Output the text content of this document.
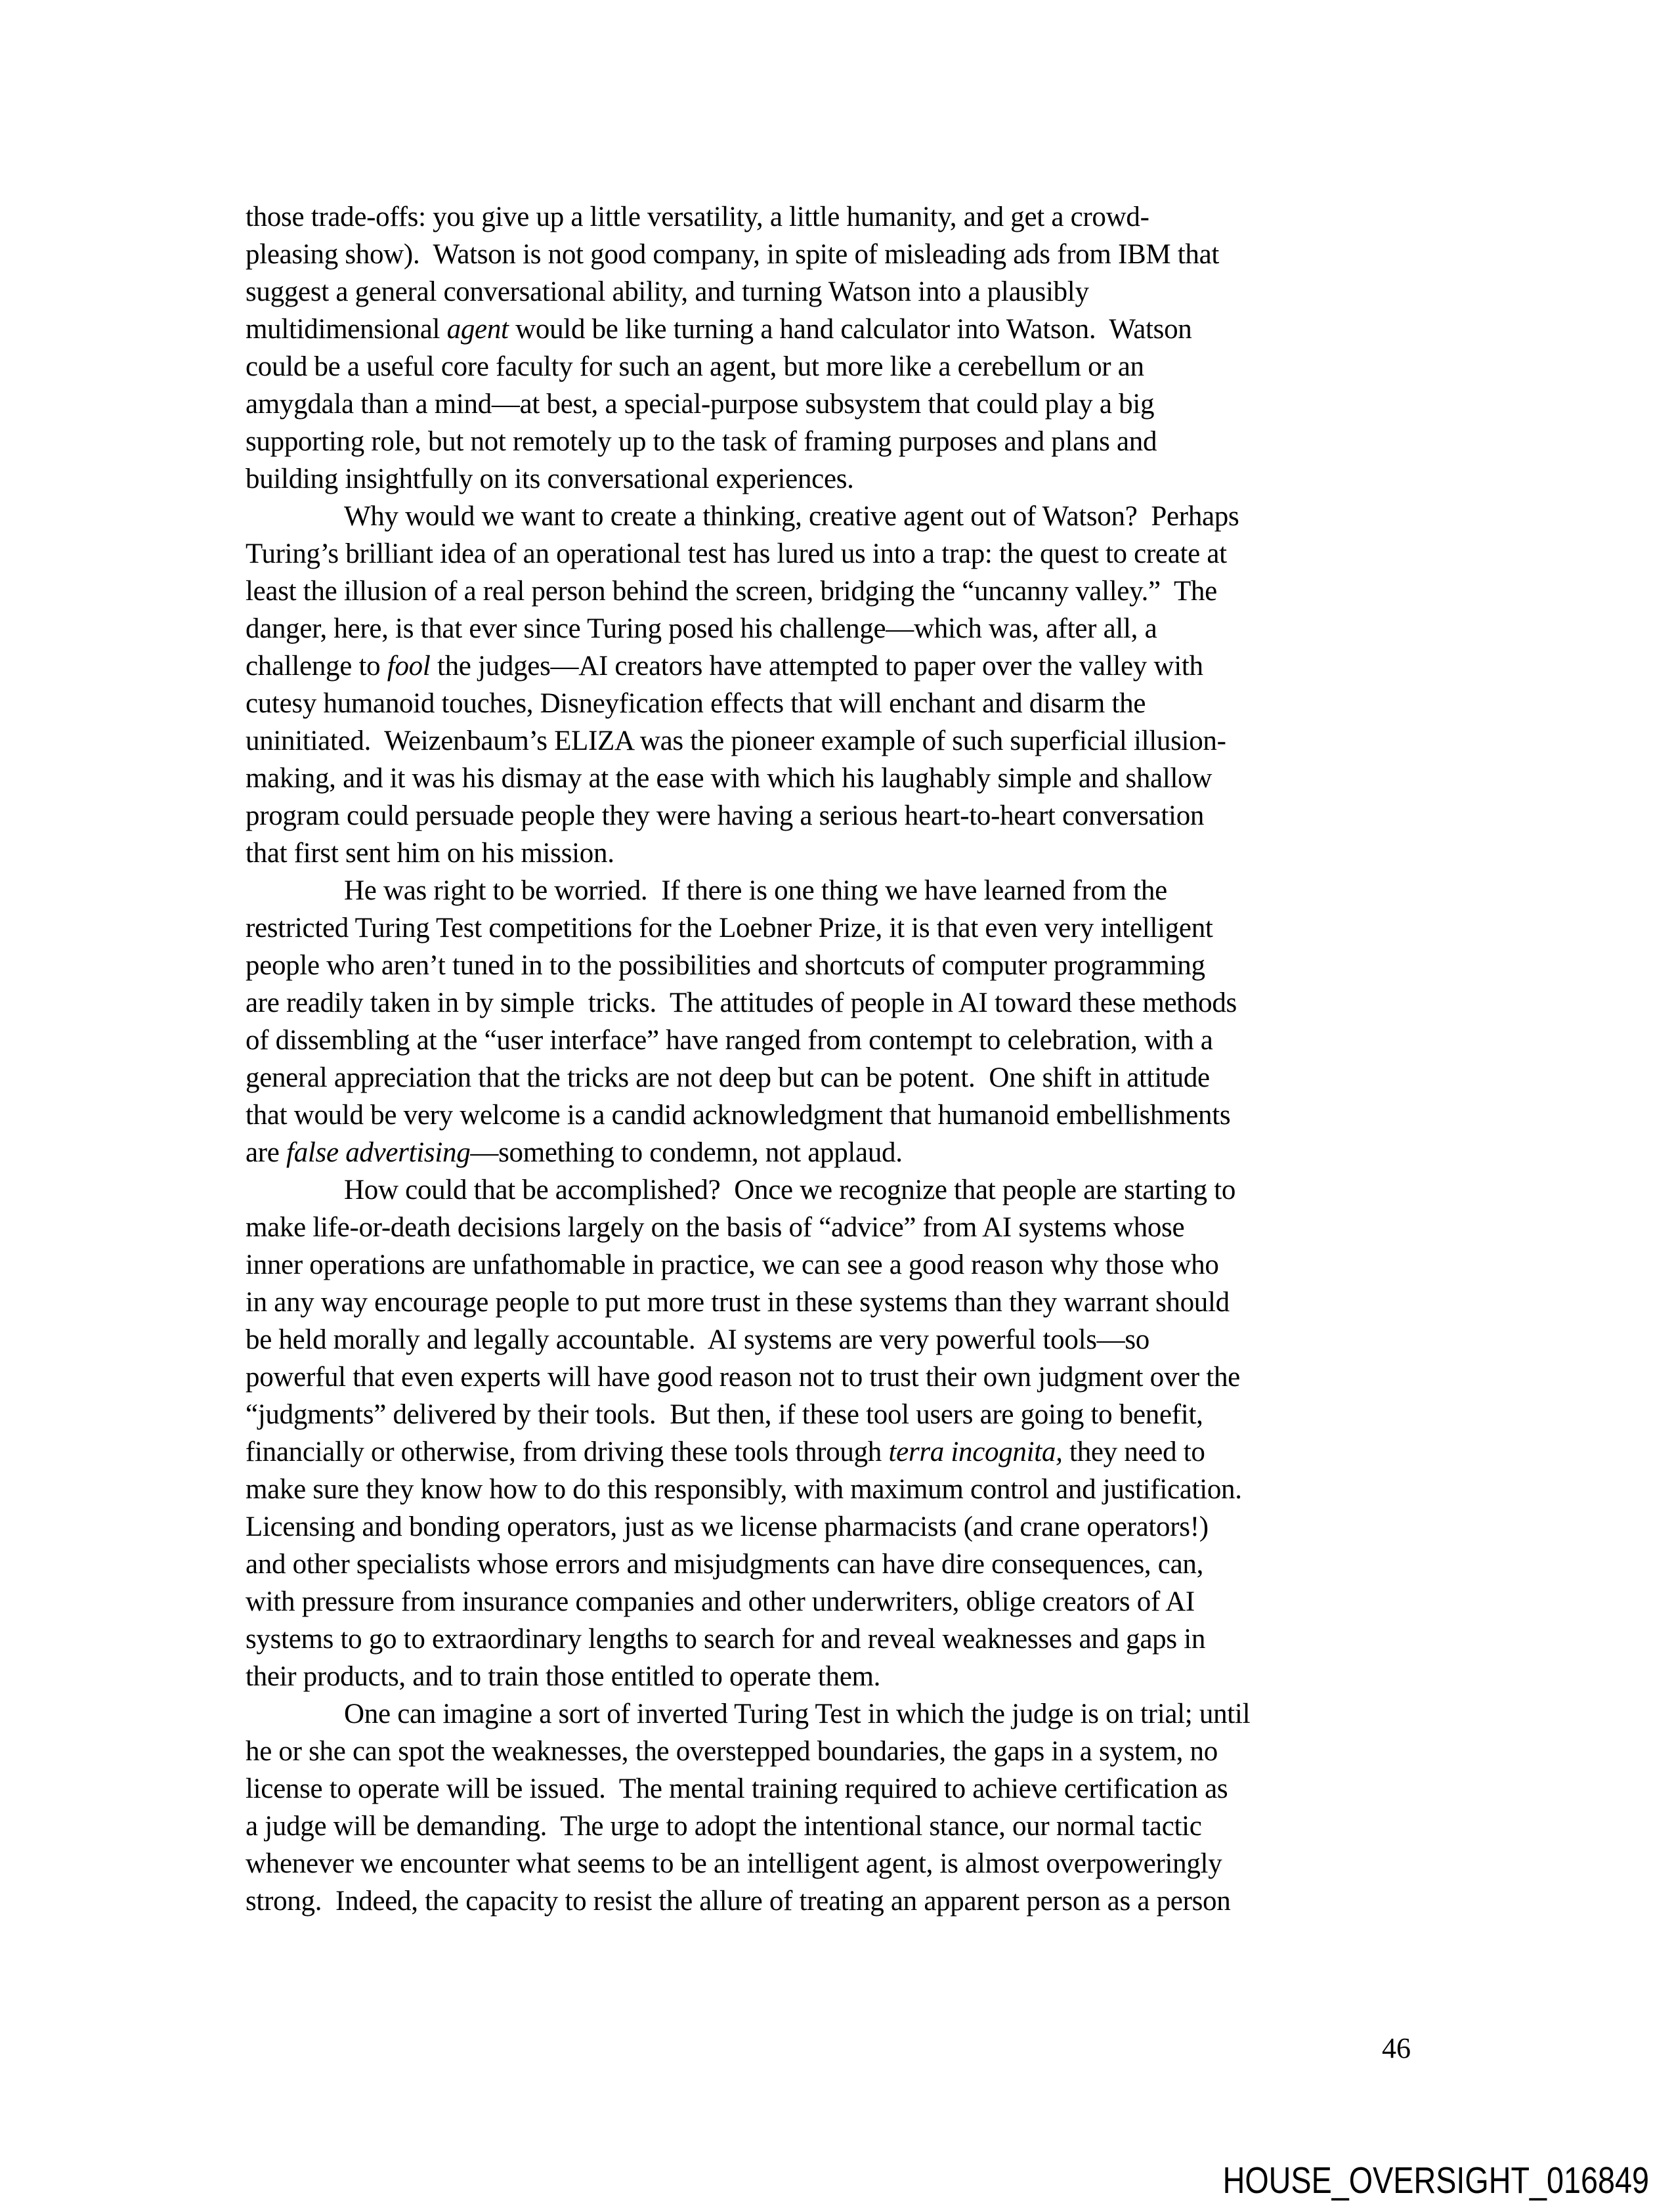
those trade-offs: you give up a little versatility, a little humanity, and get a crowd-
pleasing show).  Watson is not good company, in spite of misleading ads from IBM that
suggest a general conversational ability, and turning Watson into a plausibly
multidimensional agent would be like turning a hand calculator into Watson.  Watson
could be a useful core faculty for such an agent, but more like a cerebellum or an
amygdala than a mind—at best, a special-purpose subsystem that could play a big
supporting role, but not remotely up to the task of framing purposes and plans and
building insightfully on its conversational experiences.
Why would we want to create a thinking, creative agent out of Watson?  Perhaps
Turing’s brilliant idea of an operational test has lured us into a trap: the quest to create at
least the illusion of a real person behind the screen, bridging the “uncanny valley.”  The
danger, here, is that ever since Turing posed his challenge—which was, after all, a
challenge to fool the judges—AI creators have attempted to paper over the valley with
cutesy humanoid touches, Disneyfication effects that will enchant and disarm the
uninitiated.  Weizenbaum’s ELIZA was the pioneer example of such superficial illusion-
making, and it was his dismay at the ease with which his laughably simple and shallow
program could persuade people they were having a serious heart-to-heart conversation
that first sent him on his mission.
He was right to be worried.  If there is one thing we have learned from the
restricted Turing Test competitions for the Loebner Prize, it is that even very intelligent
people who aren’t tuned in to the possibilities and shortcuts of computer programming
are readily taken in by simple  tricks.  The attitudes of people in AI toward these methods
of dissembling at the “user interface” have ranged from contempt to celebration, with a
general appreciation that the tricks are not deep but can be potent.  One shift in attitude
that would be very welcome is a candid acknowledgment that humanoid embellishments
are false advertising—something to condemn, not applaud.
How could that be accomplished?  Once we recognize that people are starting to
make life-or-death decisions largely on the basis of “advice” from AI systems whose
inner operations are unfathomable in practice, we can see a good reason why those who
in any way encourage people to put more trust in these systems than they warrant should
be held morally and legally accountable.  AI systems are very powerful tools—so
powerful that even experts will have good reason not to trust their own judgment over the
“judgments” delivered by their tools.  But then, if these tool users are going to benefit,
financially or otherwise, from driving these tools through terra incognita, they need to
make sure they know how to do this responsibly, with maximum control and justification.
Licensing and bonding operators, just as we license pharmacists (and crane operators!)
and other specialists whose errors and misjudgments can have dire consequences, can,
with pressure from insurance companies and other underwriters, oblige creators of AI
systems to go to extraordinary lengths to search for and reveal weaknesses and gaps in
their products, and to train those entitled to operate them.
One can imagine a sort of inverted Turing Test in which the judge is on trial; until
he or she can spot the weaknesses, the overstepped boundaries, the gaps in a system, no
license to operate will be issued.  The mental training required to achieve certification as
a judge will be demanding.  The urge to adopt the intentional stance, our normal tactic
whenever we encounter what seems to be an intelligent agent, is almost overpoweringly
strong.  Indeed, the capacity to resist the allure of treating an apparent person as a person
46
HOUSE_OVERSIGHT_016849
